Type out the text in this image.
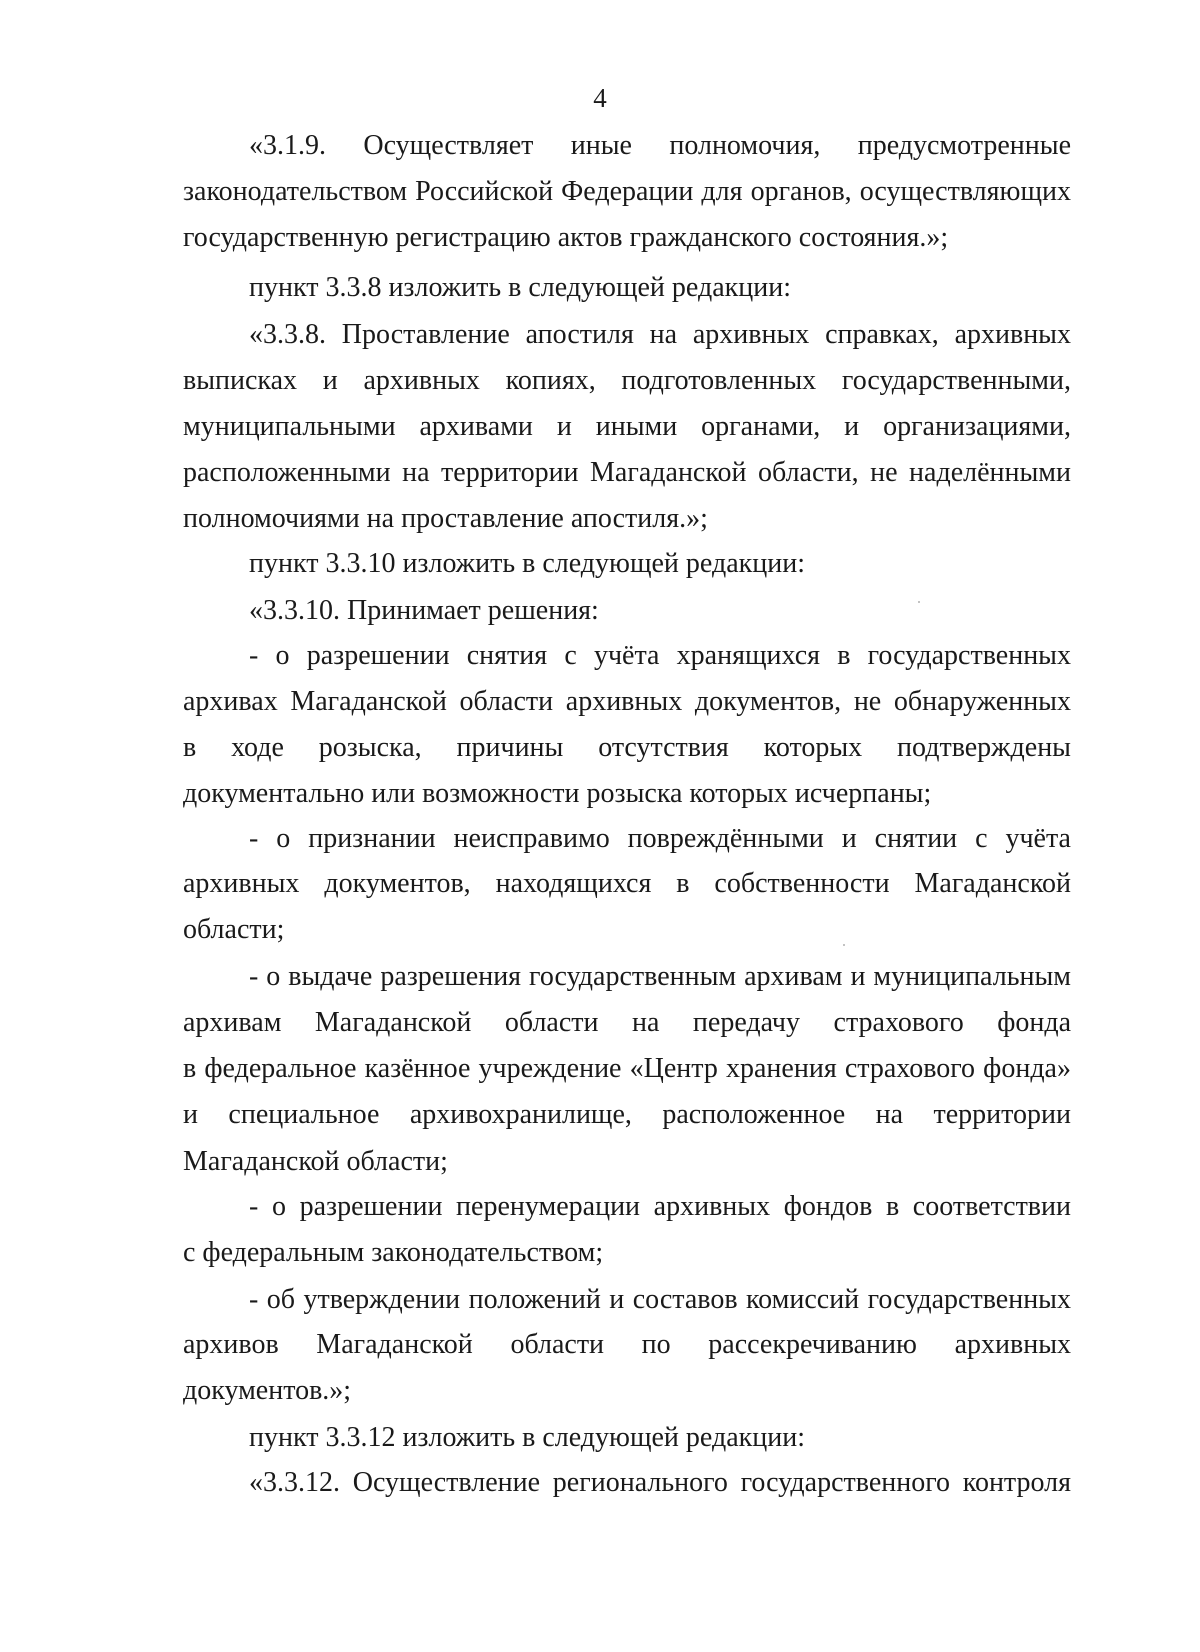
4
«3.1.9. Осуществляет иные полномочия, предусмотренные
законодательством Российской Федерации для органов, осуществляющих
государственную регистрацию актов гражданского состояния.»;
пункт 3.3.8 изложить в следующей редакции:
«3.3.8. Проставление апостиля на архивных справках, архивных
выписках и архивных копиях, подготовленных государственными,
муниципальными архивами и иными органами, и организациями,
расположенными на территории Магаданской области, не наделёнными
полномочиями на проставление апостиля.»;
пункт 3.3.10 изложить в следующей редакции:
«3.3.10. Принимает решения:
- о разрешении снятия с учёта хранящихся в государственных
архивах Магаданской области архивных документов, не обнаруженных
в ходе розыска, причины отсутствия которых подтверждены
документально или возможности розыска которых исчерпаны;
- о признании неисправимо повреждёнными и снятии с учёта
архивных документов, находящихся в собственности Магаданской
области;
- о выдаче разрешения государственным архивам и муниципальным
архивам Магаданской области на передачу страхового фонда
в федеральное казённое учреждение «Центр хранения страхового фонда»
и специальное архивохранилище, расположенное на территории
Магаданской области;
- о разрешении перенумерации архивных фондов в соответствии
с федеральным законодательством;
- об утверждении положений и составов комиссий государственных
архивов Магаданской области по рассекречиванию архивных
документов.»;
пункт 3.3.12 изложить в следующей редакции:
«3.3.12. Осуществление регионального государственного контроля
